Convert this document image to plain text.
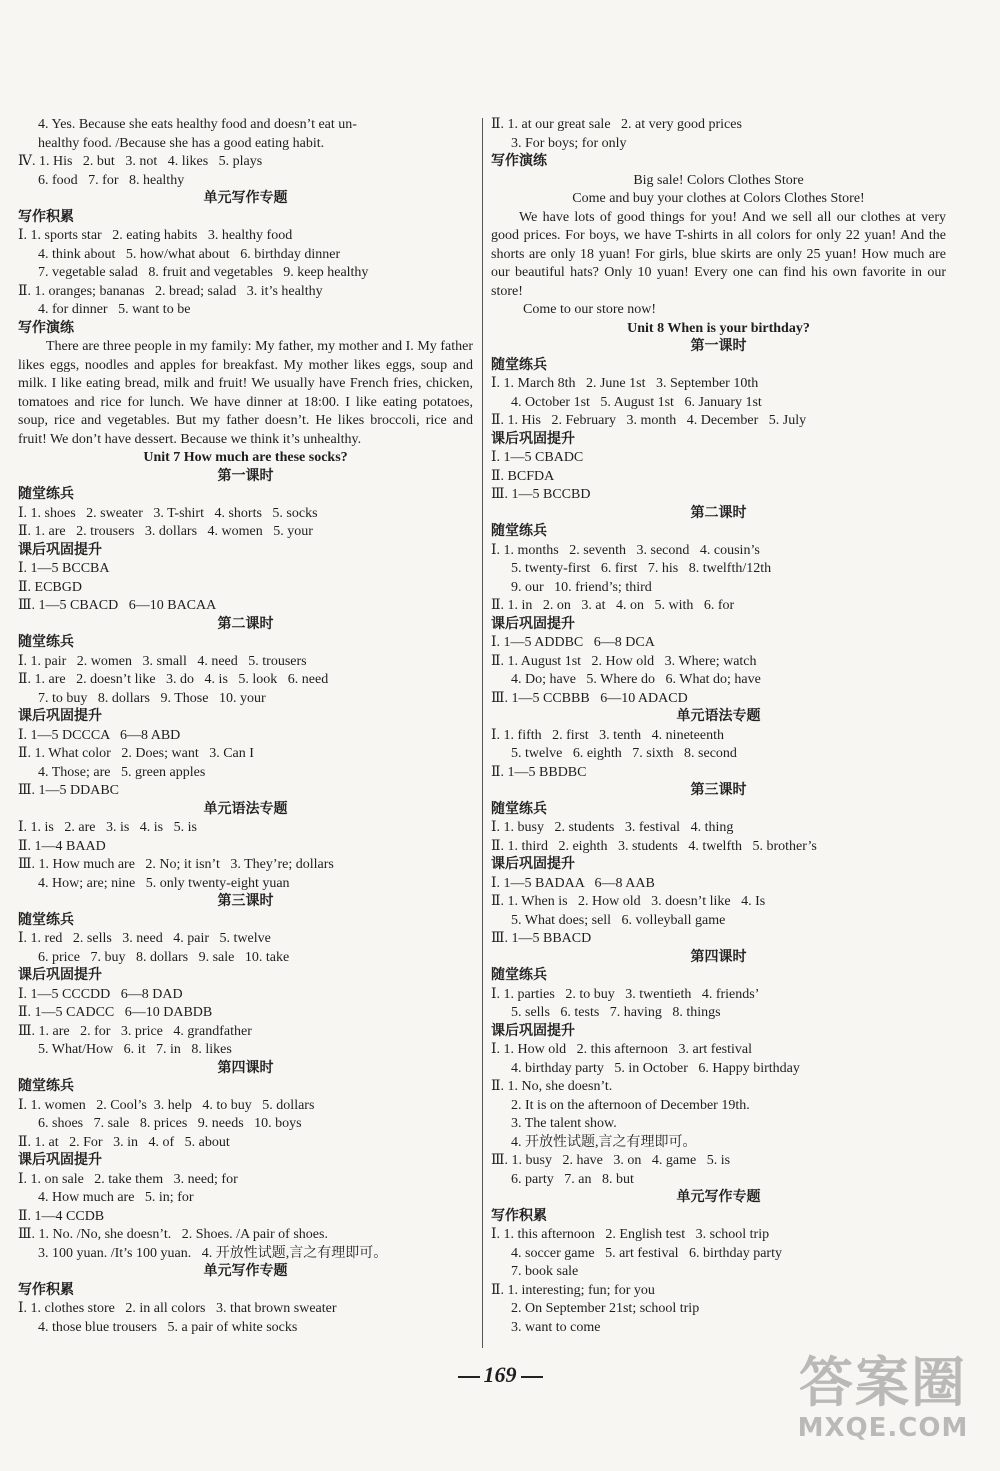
4. Yes. Because she eats healthy food and doesn’t eat un-
healthy food. /Because she has a good eating habit.
Ⅳ. 1. His   2. but   3. not   4. likes   5. plays
6. food   7. for   8. healthy
单元写作专题
写作积累
Ⅰ. 1. sports star   2. eating habits   3. healthy food
4. think about   5. how/what about   6. birthday dinner
7. vegetable salad   8. fruit and vegetables   9. keep healthy
Ⅱ. 1. oranges; bananas   2. bread; salad   3. it’s healthy
4. for dinner   5. want to be
写作演练
There are three people in my family: My father, my mother and I. My father likes eggs, noodles and apples for breakfast. My mother likes eggs, soup and milk. I like eating bread, milk and fruit! We usually have French fries, chicken, tomatoes and rice for lunch. We have dinner at 18:00. I like eating potatoes, soup, rice and vegetables. But my father doesn’t. He likes broccoli, rice and fruit! We don’t have dessert. Because we think it’s unhealthy.
Unit 7 How much are these socks?
第一课时
随堂练兵
Ⅰ. 1. shoes   2. sweater   3. T-shirt   4. shorts   5. socks
Ⅱ. 1. are   2. trousers   3. dollars   4. women   5. your
课后巩固提升
Ⅰ. 1—5 BCCBA
Ⅱ. ECBGD
Ⅲ. 1—5 CBACD   6—10 BACAA
第二课时
随堂练兵
Ⅰ. 1. pair   2. women   3. small   4. need   5. trousers
Ⅱ. 1. are   2. doesn’t like   3. do   4. is   5. look   6. need
7. to buy   8. dollars   9. Those   10. your
课后巩固提升
Ⅰ. 1—5 DCCCA   6—8 ABD
Ⅱ. 1. What color   2. Does; want   3. Can I
4. Those; are   5. green apples
Ⅲ. 1—5 DDABC
单元语法专题
Ⅰ. 1. is   2. are   3. is   4. is   5. is
Ⅱ. 1—4 BAAD
Ⅲ. 1. How much are   2. No; it isn’t   3. They’re; dollars
4. How; are; nine   5. only twenty-eight yuan
第三课时
随堂练兵
Ⅰ. 1. red   2. sells   3. need   4. pair   5. twelve
6. price   7. buy   8. dollars   9. sale   10. take
课后巩固提升
Ⅰ. 1—5 CCCDD   6—8 DAD
Ⅱ. 1—5 CADCC   6—10 DABDB
Ⅲ. 1. are   2. for   3. price   4. grandfather
5. What/How   6. it   7. in   8. likes
第四课时
随堂练兵
Ⅰ. 1. women   2. Cool’s  3. help   4. to buy   5. dollars
6. shoes   7. sale   8. prices   9. needs   10. boys
Ⅱ. 1. at   2. For   3. in   4. of   5. about
课后巩固提升
Ⅰ. 1. on sale   2. take them   3. need; for
4. How much are   5. in; for
Ⅱ. 1—4 CCDB
Ⅲ. 1. No. /No, she doesn’t.   2. Shoes. /A pair of shoes.
3. 100 yuan. /It’s 100 yuan.   4. 开放性试题,言之有理即可。
单元写作专题
写作积累
Ⅰ. 1. clothes store   2. in all colors   3. that brown sweater
4. those blue trousers   5. a pair of white socks
Ⅱ. 1. at our great sale   2. at very good prices
3. For boys; for only
写作演练
Big sale! Colors Clothes Store
Come and buy your clothes at Colors Clothes Store!
We have lots of good things for you! And we sell all our clothes at very good prices. For boys, we have T-shirts in all colors for only 22 yuan! And the shorts are only 18 yuan! For girls, blue skirts are only 25 yuan! How much are our beautiful hats? Only 10 yuan! Every one can find his own favorite in our store!
Come to our store now!
Unit 8 When is your birthday?
第一课时
随堂练兵
Ⅰ. 1. March 8th   2. June 1st   3. September 10th
4. October 1st   5. August 1st   6. January 1st
Ⅱ. 1. His   2. February   3. month   4. December   5. July
课后巩固提升
Ⅰ. 1—5 CBADC
Ⅱ. BCFDA
Ⅲ. 1—5 BCCBD
第二课时
随堂练兵
Ⅰ. 1. months   2. seventh   3. second   4. cousin’s
5. twenty-first   6. first   7. his   8. twelfth/12th
9. our   10. friend’s; third
Ⅱ. 1. in   2. on   3. at   4. on   5. with   6. for
课后巩固提升
Ⅰ. 1—5 ADDBC   6—8 DCA
Ⅱ. 1. August 1st   2. How old   3. Where; watch
4. Do; have   5. Where do   6. What do; have
Ⅲ. 1—5 CCBBB   6—10 ADACD
单元语法专题
Ⅰ. 1. fifth   2. first   3. tenth   4. nineteenth
5. twelve   6. eighth   7. sixth   8. second
Ⅱ. 1—5 BBDBC
第三课时
随堂练兵
Ⅰ. 1. busy   2. students   3. festival   4. thing
Ⅱ. 1. third   2. eighth   3. students   4. twelfth   5. brother’s
课后巩固提升
Ⅰ. 1—5 BADAA   6—8 AAB
Ⅱ. 1. When is   2. How old   3. doesn’t like   4. Is
5. What does; sell   6. volleyball game
Ⅲ. 1—5 BBACD
第四课时
随堂练兵
Ⅰ. 1. parties   2. to buy   3. twentieth   4. friends’
5. sells   6. tests   7. having   8. things
课后巩固提升
Ⅰ. 1. How old   2. this afternoon   3. art festival
4. birthday party   5. in October   6. Happy birthday
Ⅱ. 1. No, she doesn’t.
2. It is on the afternoon of December 19th.
3. The talent show.
4. 开放性试题,言之有理即可。
Ⅲ. 1. busy   2. have   3. on   4. game   5. is
6. party   7. an   8. but
单元写作专题
写作积累
Ⅰ. 1. this afternoon   2. English test   3. school trip
4. soccer game   5. art festival   6. birthday party
7. book sale
Ⅱ. 1. interesting; fun; for you
2. On September 21st; school trip
3. want to come
169	答案圈
MXQE.COM
